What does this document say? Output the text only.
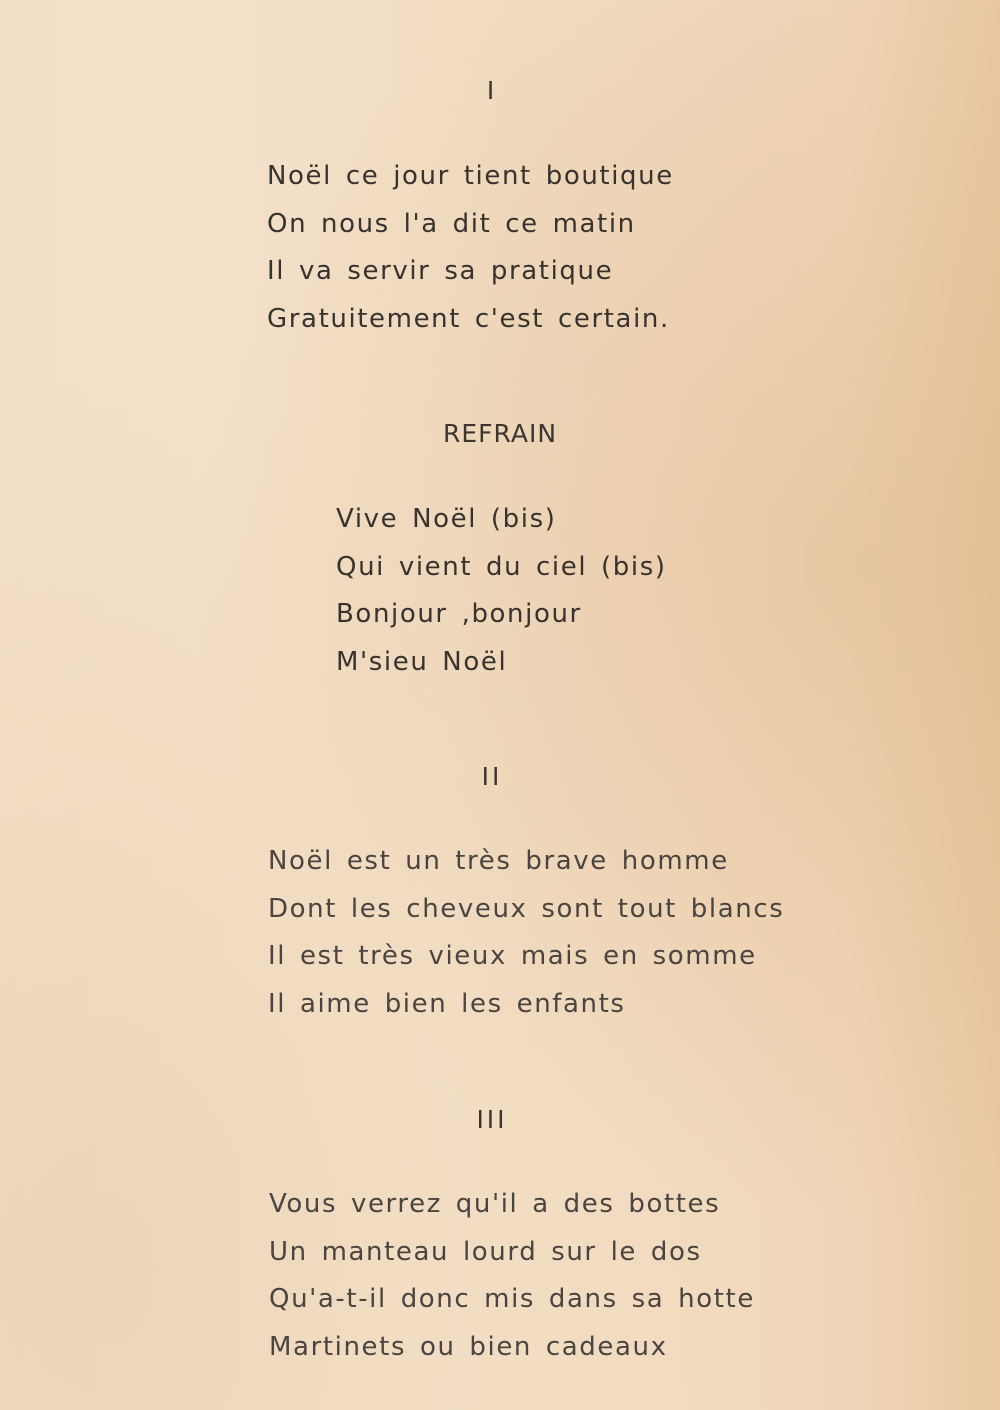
I
Noël ce jour tient boutique
On nous l'a dit ce matin
Il va servir sa pratique
Gratuitement c'est certain.
REFRAIN
Vive Noël (bis)
Qui vient du ciel (bis)
Bonjour ,bonjour
M'sieu Noël
II
Noël est un très brave homme
Dont les cheveux sont tout blancs
Il est très vieux mais en somme
Il aime bien les enfants
III
Vous verrez qu'il a des bottes
Un manteau lourd sur le dos
Qu'a-t-il donc mis dans sa hotte
Martinets ou bien cadeaux
